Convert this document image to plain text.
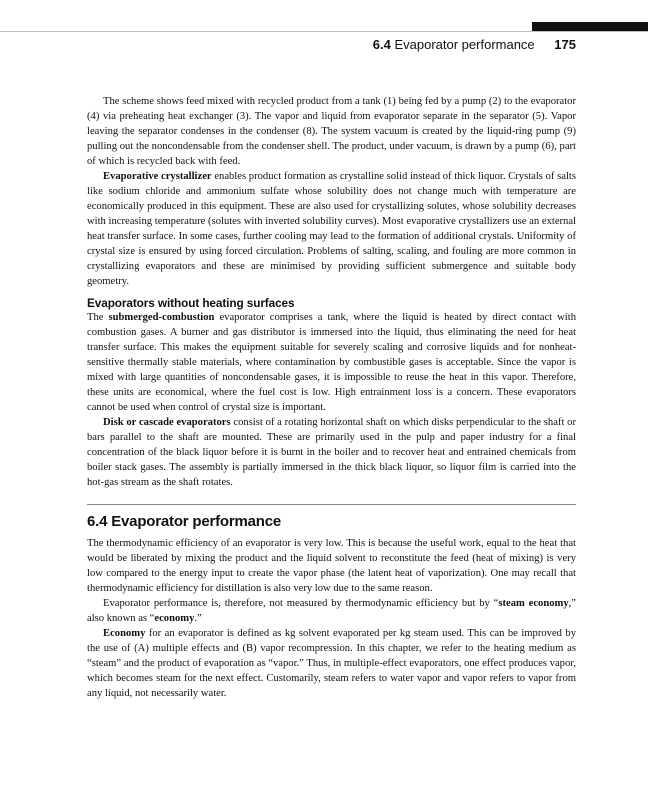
6.4 Evaporator performance 175

The scheme shows feed mixed with recycled product from a tank (1) being fed by a pump (2) to the evaporator (4) via preheating heat exchanger (3). The vapor and liquid from evaporator separate in the separator (5). Vapor leaving the separator condenses in the condenser (8). The system vacuum is created by the liquid-ring pump (9) pulling out the noncondensable from the condenser shell. The product, under vacuum, is drawn by a pump (6), part of which is recycled back with feed.

Evaporative crystallizer enables product formation as crystalline solid instead of thick liquor. Crystals of salts like sodium chloride and ammonium sulfate whose solubility does not change much with temperature are economically produced in this equipment. These are also used for crystallizing solutes, whose solubility decreases with increasing temperature (solutes with inverted solubility curves). Most evaporative crystallizers use an external heat transfer surface. In some cases, further cooling may lead to the formation of additional crystals. Uniformity of crystal size is ensured by using forced circulation. Problems of salting, scaling, and fouling are more common in crystallizing evaporators and these are minimised by providing sufficient submergence and suitable body geometry.

Evaporators without heating surfaces

The submerged-combustion evaporator comprises a tank, where the liquid is heated by direct contact with combustion gases. A burner and gas distributor is immersed into the liquid, thus eliminating the need for heat transfer surface. This makes the equipment suitable for severely scaling and corrosive liquids and for nonheat-sensitive thermally stable materials, where contamination by combustible gases is acceptable. Since the vapor is mixed with large quantities of noncondensable gases, it is impossible to reuse the heat in this vapor. Therefore, these units are economical, where the fuel cost is low. High entrainment loss is a concern. These evaporators cannot be used when control of crystal size is important.

Disk or cascade evaporators consist of a rotating horizontal shaft on which disks perpendicular to the shaft or bars parallel to the shaft are mounted. These are primarily used in the pulp and paper industry for a final concentration of the black liquor before it is burnt in the boiler and to recover heat and entrained chemicals from boiler stack gases. The assembly is partially immersed in the thick black liquor, so liquor film is carried into the hot-gas stream as the shaft rotates.

6.4 Evaporator performance

The thermodynamic efficiency of an evaporator is very low. This is because the useful work, equal to the heat that would be liberated by mixing the product and the liquid solvent to reconstitute the feed (heat of mixing) is very low compared to the energy input to create the vapor phase (the latent heat of vaporization). One may recall that thermodynamic efficiency for distillation is also very low due to the same reason.

Evaporator performance is, therefore, not measured by thermodynamic efficiency but by “steam economy,” also known as “economy.”

Economy for an evaporator is defined as kg solvent evaporated per kg steam used. This can be improved by the use of (A) multiple effects and (B) vapor recompression. In this chapter, we refer to the heating medium as “steam” and the product of evaporation as “vapor.” Thus, in multiple-effect evaporators, one effect produces vapor, which becomes steam for the next effect. Customarily, steam refers to water vapor and vapor refers to vapor from any liquid, not necessarily water.
